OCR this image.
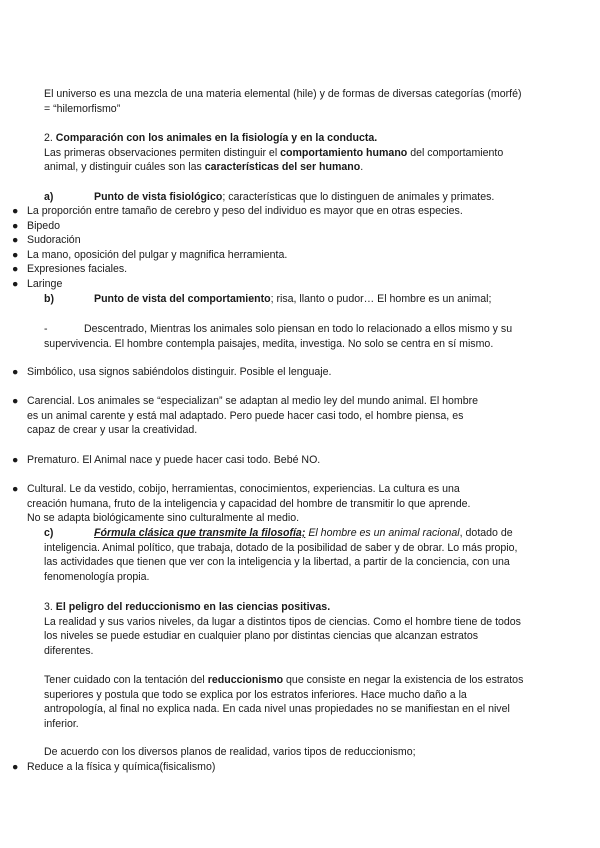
El universo es una mezcla de una materia elemental (hile) y de formas de diversas categorías (morfé)
= “hilemorfismo”
2. Comparación con los animales en la fisiología y en la conducta.
Las primeras observaciones permiten distinguir el comportamiento humano del comportamiento
animal, y distinguir cuáles son las características del ser humano.
a)	Punto de vista fisiológico; características que lo distinguen de animales y primates.
● La proporción entre tamaño de cerebro y peso del individuo es mayor que en otras especies.
● Bipedo
● Sudoración
● La mano, oposición del pulgar y magnifica herramienta.
● Expresiones faciales.
● Laringe
b)	Punto de vista del comportamiento; risa, llanto o pudor… El hombre es un animal;
-	Descentrado, Mientras los animales solo piensan en todo lo relacionado a ellos mismo y su
supervivencia. El hombre contempla paisajes, medita, investiga. No solo se centra en sí mismo.
● Simbólico, usa signos sabiéndolos distinguir. Posible el lenguaje.
● Carencial. Los animales se “especializan” se adaptan al medio ley del mundo animal. El hombre
es un animal carente y está mal adaptado. Pero puede hacer casi todo, el hombre piensa, es
capaz de crear y usar la creatividad.
● Prematuro. El Animal nace y puede hacer casi todo. Bebé NO.
● Cultural. Le da vestido, cobijo, herramientas, conocimientos, experiencias. La cultura es una
creación humana, fruto de la inteligencia y capacidad del hombre de transmitir lo que aprende.
No se adapta biológicamente sino culturalmente al medio.
c)	Fórmula clásica que transmite la filosofía; El hombre es un animal racional, dotado de
inteligencia. Animal político, que trabaja, dotado de la posibilidad de saber y de obrar. Lo más propio,
las actividades que tienen que ver con la inteligencia y la libertad, a partir de la conciencia, con una
fenomenología propia.
3. El peligro del reduccionismo en las ciencias positivas.
La realidad y sus varios niveles, da lugar a distintos tipos de ciencias. Como el hombre tiene de todos
los niveles se puede estudiar en cualquier plano por distintas ciencias que alcanzan estratos
diferentes.
Tener cuidado con la tentación del reduccionismo que consiste en negar la existencia de los estratos
superiores y postula que todo se explica por los estratos inferiores. Hace mucho daño a la
antropología, al final no explica nada. En cada nivel unas propiedades no se manifiestan en el nivel
inferior.
De acuerdo con los diversos planos de realidad, varios tipos de reduccionismo;
● Reduce a la física y química(fisicalismo)
